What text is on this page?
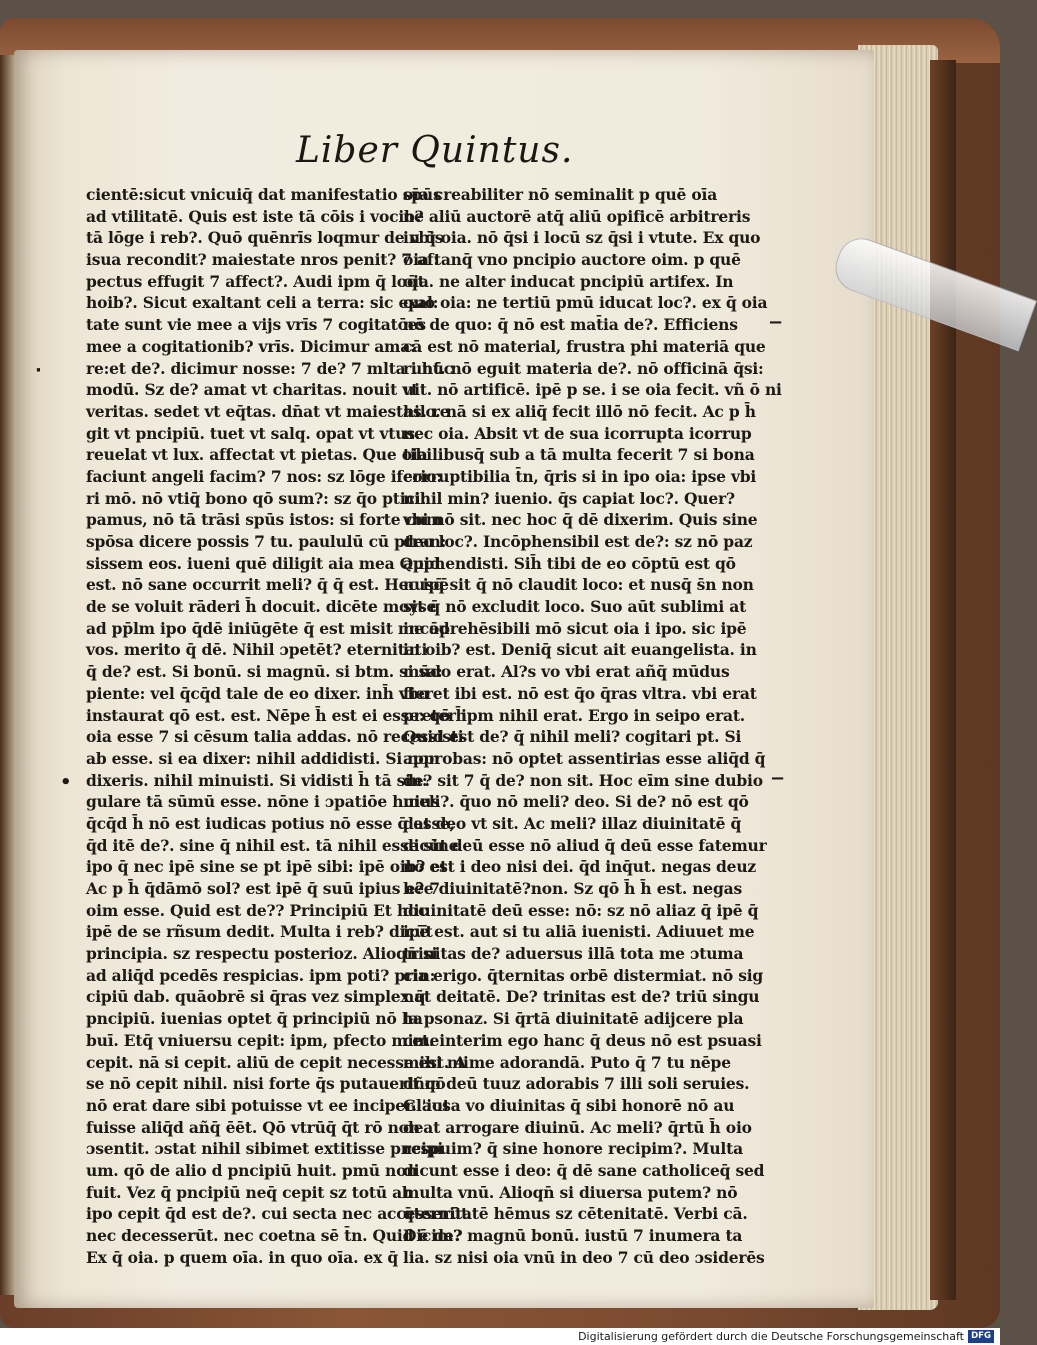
Liber Quintus.
cientē:sicut vnicuiq̄ dat manifestatio spūs
ad vtilitatē. Quis est iste tā cōis i vocib?
tā lōge i reb?. Quō quēnrīs loqmur de vbis
isua recondit? maiestate nros penit? 7 af:
pectus effugit 7 affect?. Audi ipm q̄ loq̄t
hoib?. Sicut exaltant celi a terra: sic exal:
tate sunt vie mee a vijs vrīs 7 cogitatōes
mee a cogitationib? vrīs. Dicimur ama:
re:et de?. dicimur nosse: 7 de? 7 mlta i hūc
modū. Sz de? amat vt charitas. nouit vt
veritas. sedet vt eq̄tas. dn̄at vt maiestas. re
git vt pncipiū. tuet vt salq. opat vt vtus.
reuelat vt lux. affectat vt pietas. Que oia
faciunt angeli facim? 7 nos: sz lōge iferio:
ri mō. nō vtiq̄ bono qō sum?: sz q̄o ptici:
pamus, nō tā trāsi spūs istos: si forte cum
spōsa dicere possis 7 tu. paululū cū ptran:
sissem eos. iueni quē diligit aia mea Quid
est. nō sane occurrit meli? q̄ q̄ est. Hec ipē
de se voluit rāderi h̄ docuit. dicēte moyse
ad pp̄lm ipo q̄dē iniūgēte q̄ est misit me ad
vos. merito q̄ dē. Nihil ɔpetēt? eternitati
q̄ de? est. Si bonū. si magnū. si btm. si sa:
piente: vel q̄cq̄d tale de eo dixer. inh̄ vbo
instaurat qō est. est. Nēpe h̄ est ei esse: qō h̄
oia esse 7 si cēsum talia addas. nō recessisti
ab esse. si ea dixer: nihil addidisti. Si non
dixeris. nihil minuisti. Si vidisti h̄ tā sin:
gulare tā sūmū esse. nōne i ɔpatiōe huius
q̄cq̄d h̄ nō est iudicas potius nō esse q̄ esse,
q̄d itē de?. sine q̄ nihil est. tā nihil esse sine
ipo q̄ nec ipē sine se pt ipē sibi: ipē oib? et
Ac p h̄ q̄dāmō sol? est ipē q̄ suū ipius e? 7
oim esse. Quid est de?? Principiū Et hoc
ipē de se rñsum dedit. Multa i reb? dicūt
principia. sz respectu posterioz. Alioqn̄ si
ad aliq̄d pcedēs respicias. ipm poti? prin:
cipiū dab. quāobrē si q̄ras vez simplex q̄
pncipiū. iuenias optet q̄ principiū nō ha
buī. Etq̄ vniuersu cepit: ipm, pfecto mime
cepit. nā si cepit. aliū de cepit necesse est. A
se nō cepit nihil. nisi forte q̄s putauerit qō
nō erat dare sibi potuisse vt ee inciper. aut
fuisse aliq̄d añq̄ ēēt. Qō vtrūq̄ q̄t rō non
ɔsentit. ɔstat nihil sibimet extitisse pncipi
um. qō de alio d pncipiū huit. pmū non
fuit. Vez q̄ pncipiū neq̄ cepit sz totū ab
ipo cepit q̄d est de?. cui secta nec accesserūt
nec decesserūt. nec coetna sē t̄n. Quid ē de?
Ex q̄ oia. p quem oīa. in quo oīa. ex q̄
oīa creabiliter nō seminalit p quē oīa
ne aliū auctorē atq̄ aliū opificē arbitreris
in q̄ oia. nō q̄si i locū sz q̄si i vtute. Ex quo
oia tanq̄ vno pncipio auctore oim. p quē
oia. ne alter inducat pncipiū artifex. In
quo oia: ne tertiū pmū iducat loc?. ex q̄ oia
nō de quo: q̄ nō est mat̄ia de?. Efficiens
cā est nō material, frustra phi materiā que
runt. nō eguit materia de?. nō officinā q̄si:
uit. nō artificē. ipē p se. i se oia fecit. vñ ō ni
hilo. nā si ex aliq̄ fecit illō nō fecit. Ac p h̄
nec oia. Absit vt de sua icorrupta icorrup
tibilibusq̄ sub a tā multa fecerit 7 si bona
corruptibilia t̄n, q̄ris si in ipo oia: ipse vbi
nihil min? iuenio. q̄s capiat loc?. Quer?
vbi nō sit. nec hoc q̄ dē dixerim. Quis sine
deo loc?. Incōphensibil est de?: sz nō paz
apphendisti. Sih̄ tibi de eo cōptū est qō
nusq̄ sit q̄ nō claudit loco: et nusq̄ s̄n non
sit q̄ nō excludit loco. Suo aūt sublimi at
incōprehēsibili mō sicut oia i ipo. sic ipē
in oib? est. Deniq̄ sicut ait euangelista. in
mūdo erat. Al?s vo vbi erat añq̄ mūdus
fieret ibi est. nō est q̄o q̄ras vltra. vbi erat
preter ipm nihil erat. Ergo in seipo erat.
Quid est de? q̄ nihil meli? cogitari pt. Si
approbas: nō optet assentirias esse aliq̄d q̄
de? sit 7 q̄ de? non sit. Hoc eīm sine dubio
meli?. q̄uo nō meli? deo. Si de? nō est qō
dat deo vt sit. Ac meli? illaz diuinitatē q̄
dicūt deū esse nō aliud q̄ deū esse fatemur
nō est i deo nisi dei. q̄d inq̄ut. negas deuz
hēe diuinitatē?non. Sz qō h̄ h̄ est. negas
diuinitatē deū esse: nō: sz nō aliaz q̄ ipē q̄
ipē est. aut si tu aliā iuenisti. Adiuuet me
trinitas de? aduersus illā tota me ɔtuma
cia erigo. q̄ternitas orbē distermiat. nō sig
nat deitatē. De? trinitas est de? triū singu
la psonaz. Si q̄rtā diuinitatē adijcere pla
cet. interim ego hanc q̄ deus nō est psuasi
mihi mime adorandā. Puto q̄ 7 tu nēpe
dñm deū tuuz adorabis 7 illi soli seruies.
Gl'iosa vo diuinitas q̄ sibi honorē nō au
deat arrogare diuinū. Ac meli? q̄rtū h̄ oio
respuim? q̄ sine honore recipim?. Multa
dicunt esse i deo: q̄ dē sane catholiceq̄ sed
multa vnū. Alioqn̄ si diuersa putem? nō
q̄ternitatē hēmus sz cētenitatē. Verbi cā.
Dicim? magnū bonū. iustū 7 inumera ta
lia. sz nisi oia vnū in deo 7 cū deo ɔsiderēs
·
•
−
−
Digitalisierung gefördert durch die Deutsche Forschungsgemeinschaft DFG
